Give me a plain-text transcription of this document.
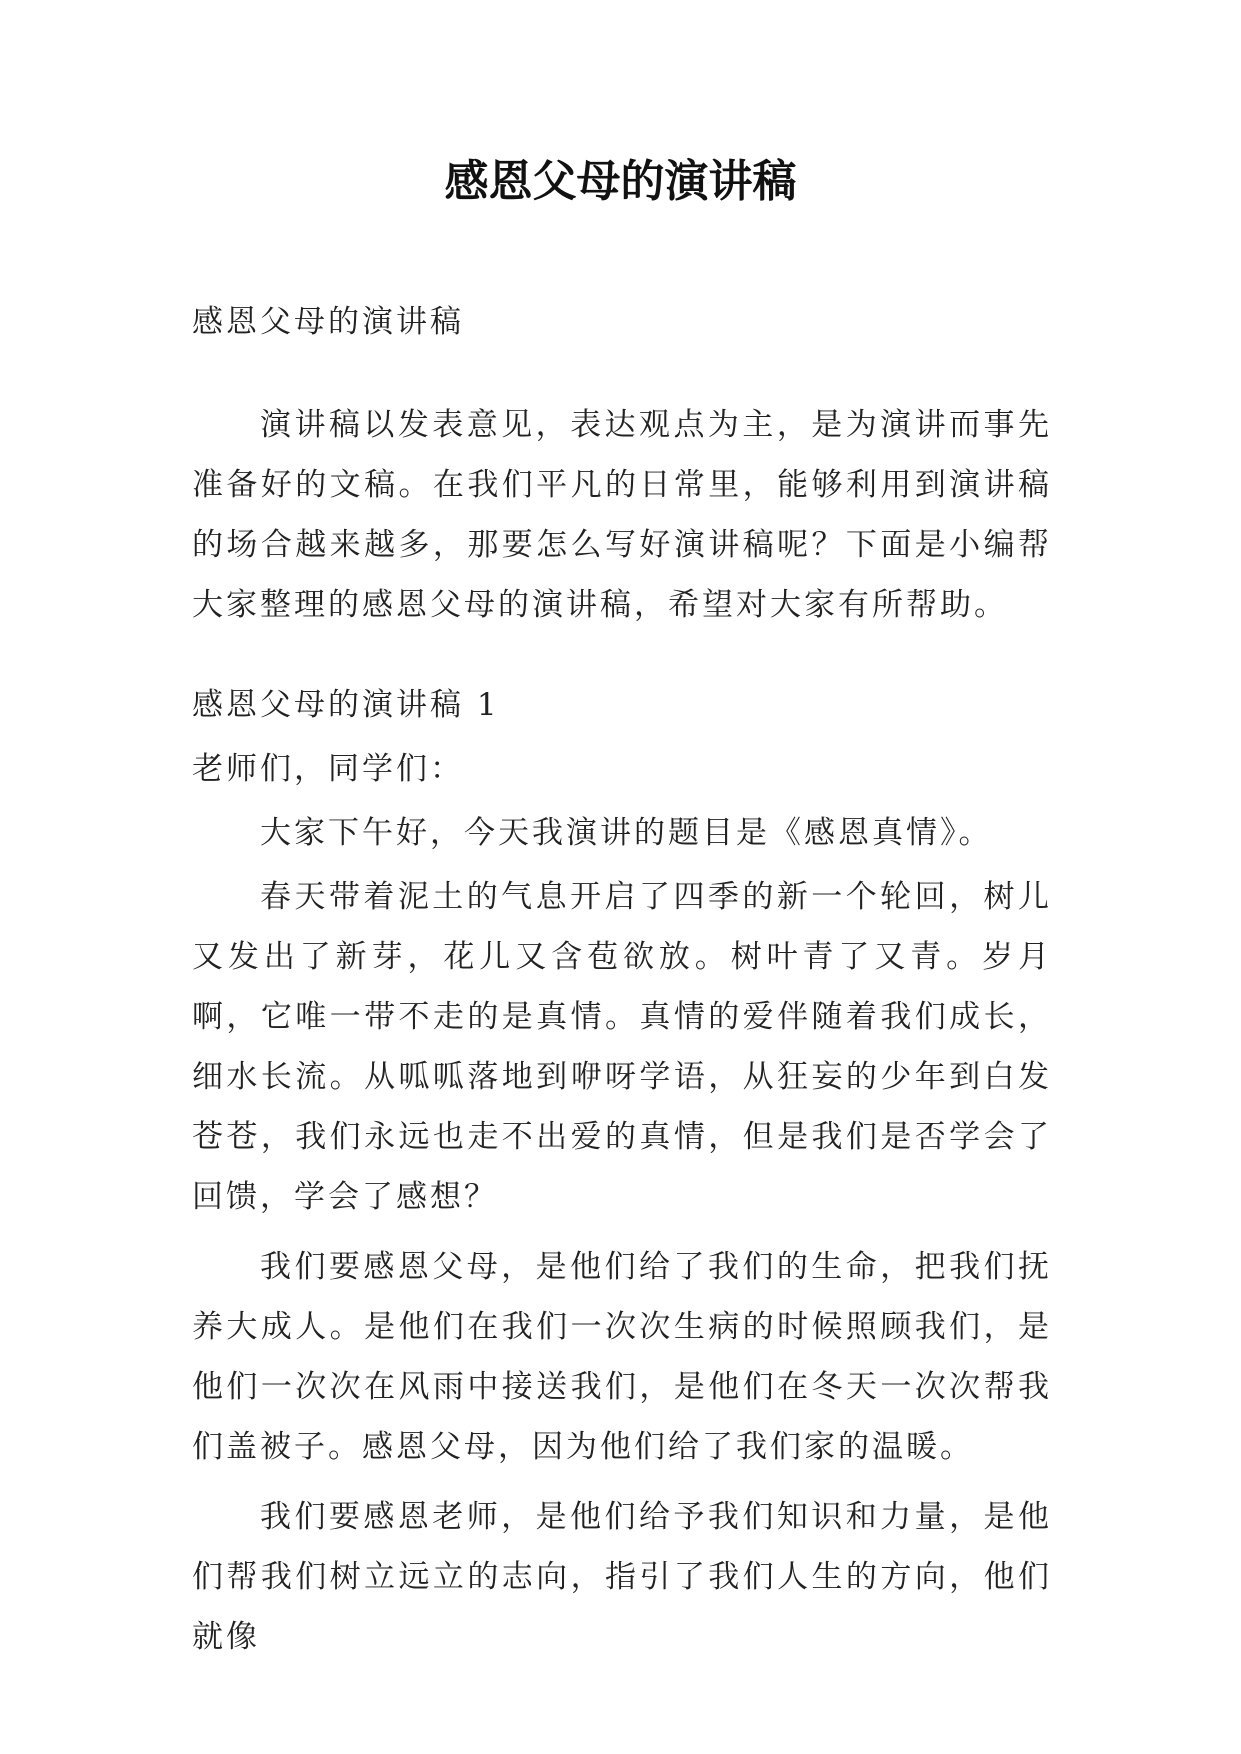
感恩父母的演讲稿

感恩父母的演讲稿

演讲稿以发表意见，表达观点为主，是为演讲而事先准备好的文稿。在我们平凡的日常里，能够利用到演讲稿的场合越来越多，那要怎么写好演讲稿呢？下面是小编帮大家整理的感恩父母的演讲稿，希望对大家有所帮助。

感恩父母的演讲稿 1

老师们，同学们：

大家下午好，今天我演讲的题目是《感恩真情》。

春天带着泥土的气息开启了四季的新一个轮回，树儿又发出了新芽，花儿又含苞欲放。树叶青了又青。岁月啊，它唯一带不走的是真情。真情的爱伴随着我们成长，细水长流。从呱呱落地到咿呀学语，从狂妄的少年到白发苍苍，我们永远也走不出爱的真情，但是我们是否学会了回馈，学会了感想？

我们要感恩父母，是他们给了我们的生命，把我们抚养大成人。是他们在我们一次次生病的时候照顾我们，是他们一次次在风雨中接送我们，是他们在冬天一次次帮我们盖被子。感恩父母，因为他们给了我们家的温暖。

我们要感恩老师，是他们给予我们知识和力量，是他们帮我们树立远立的志向，指引了我们人生的方向，他们就像
